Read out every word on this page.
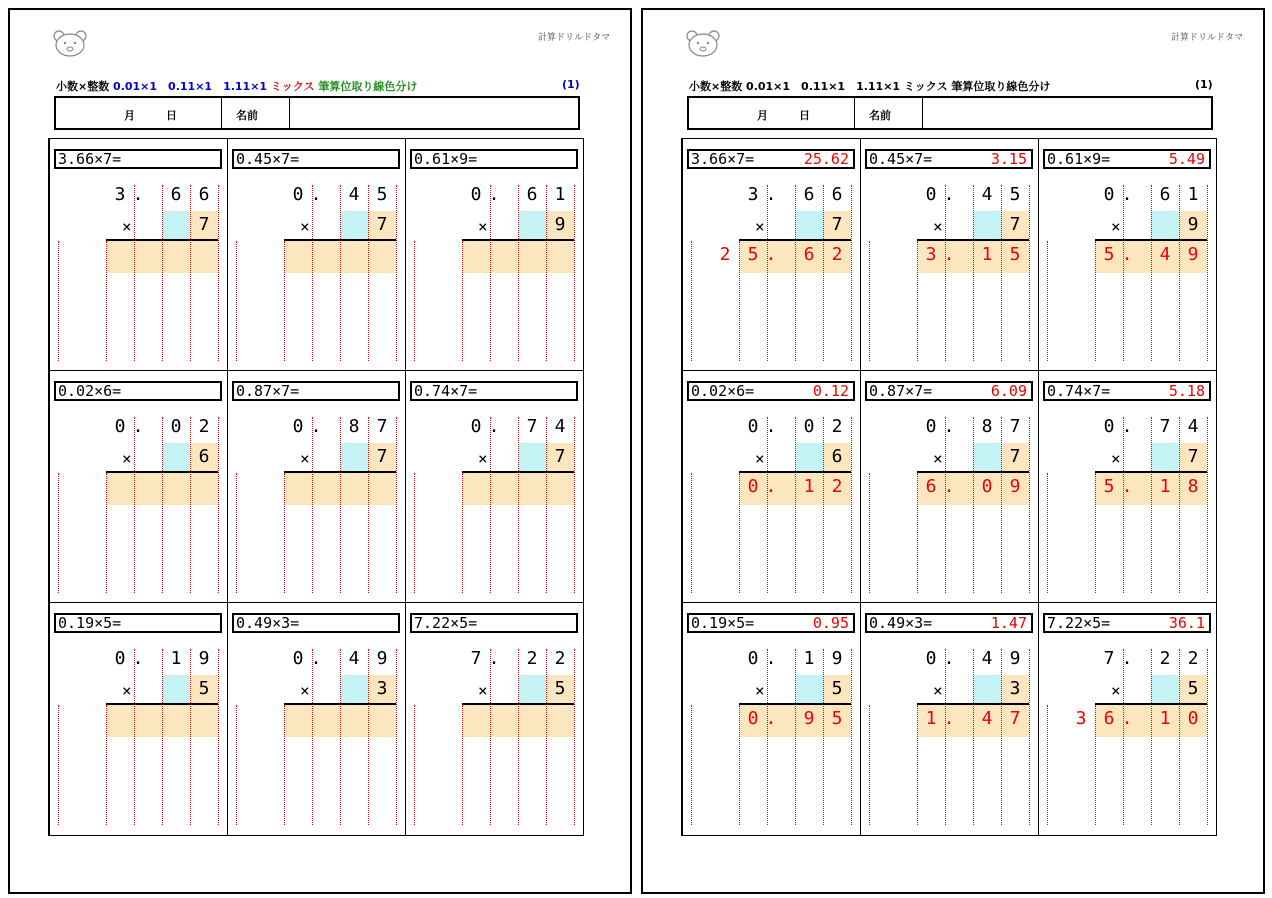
計算ドリルドタマ
小数×整数 0.01×1　0.11×1　1.11×1 ミックス 筆算位取り線色分け	(1)
月	日	名前
3.66×7=
3 .	6 6
×	7
0.45×7=
0 .	4 5
×	7
0.61×9=
0 .	6 1
×	9
0.02×6=
0 .	0 2
×	6
0.87×7=
0 .	8 7
×	7
0.74×7=
0 .	7 4
×	7
0.19×5=
0 .	1 9
×	5
0.49×3=
0 .	4 9
×	3
7.22×5=
7 .	2 2
×	5
計算ドリルドタマ
小数×整数 0.01×1　0.11×1　1.11×1 ミックス 筆算位取り線色分け	(1)
月	日	名前
3.66×7=	25.62
3 .	6 6
×	7
2 5 .	6 2
0.45×7=	3.15
0 .	4 5
×	7
3 .	1 5
0.61×9=	5.49
0 .	6 1
×	9
5 .	4 9
0.02×6=	0.12
0 .	0 2
×	6
0 .	1 2
0.87×7=	6.09
0 .	8 7
×	7
6 .	0 9
0.74×7=	5.18
0 .	7 4
×	7
5 .	1 8
0.19×5=	0.95
0 .	1 9
×	5
0 .	9 5
0.49×3=	1.47
0 .	4 9
×	3
1 .	4 7
7.22×5=	36.1
7 .	2 2
×	5
3 6 .	1 0
